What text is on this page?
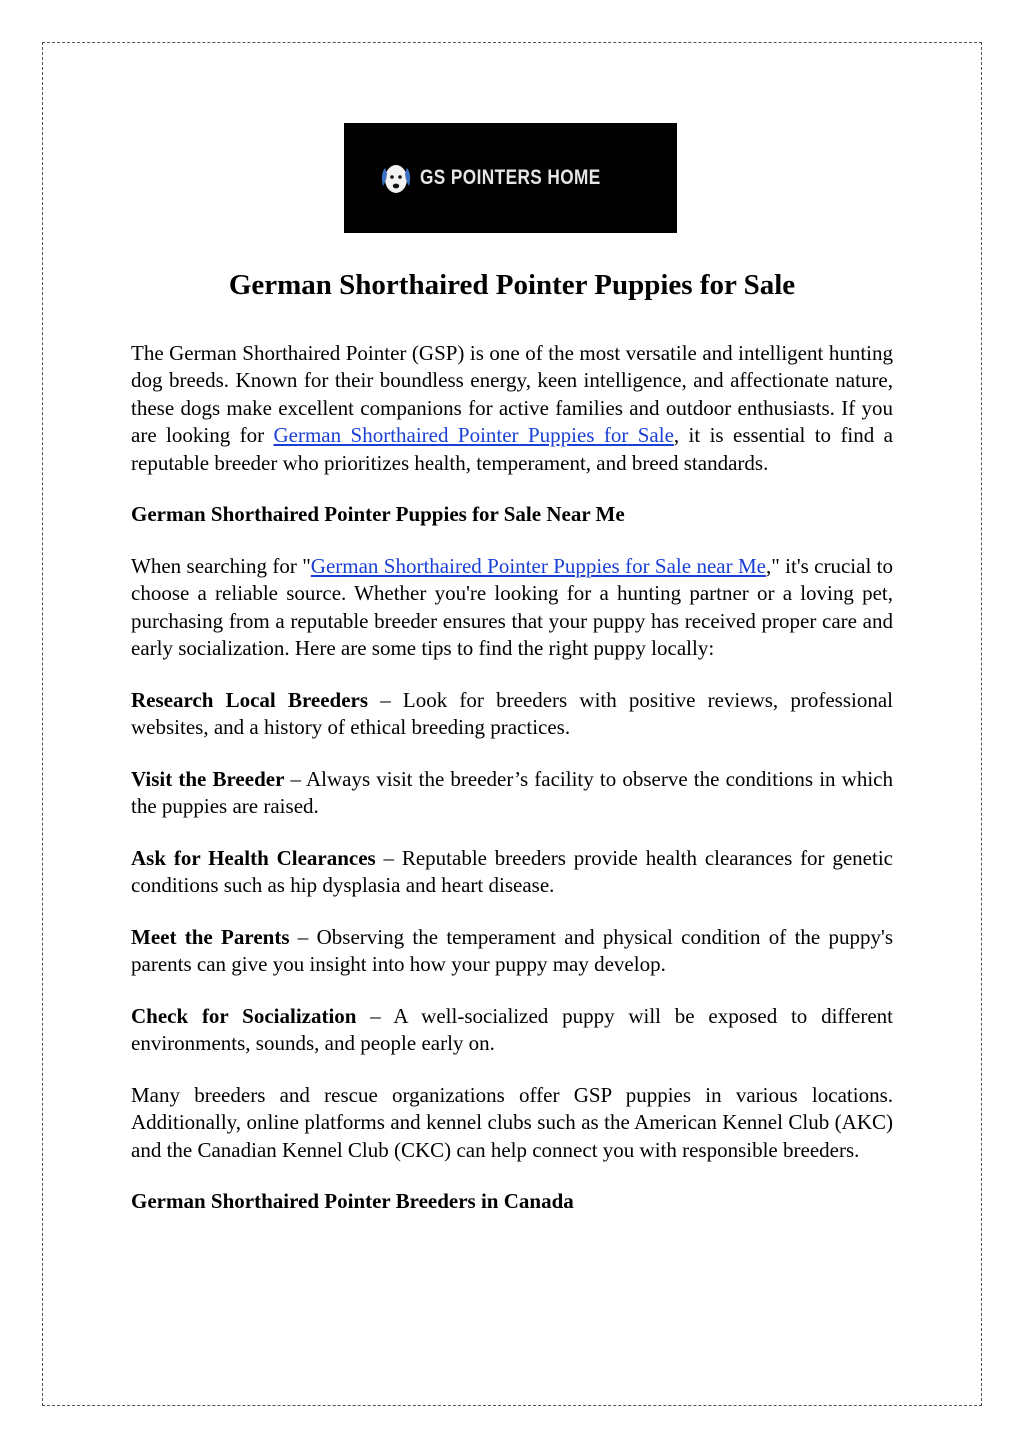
GS POINTERS HOME
German Shorthaired Pointer Puppies for Sale

The German Shorthaired Pointer (GSP) is one of the most versatile and intelligent hunting dog breeds. Known for their boundless energy, keen intelligence, and affectionate nature, these dogs make excellent companions for active families and outdoor enthusiasts. If you are looking for German Shorthaired Pointer Puppies for Sale, it is essential to find a reputable breeder who prioritizes health, temperament, and breed standards.

German Shorthaired Pointer Puppies for Sale Near Me

When searching for "German Shorthaired Pointer Puppies for Sale near Me," it's crucial to choose a reliable source. Whether you're looking for a hunting partner or a loving pet, purchasing from a reputable breeder ensures that your puppy has received proper care and early socialization. Here are some tips to find the right puppy locally:

Research Local Breeders – Look for breeders with positive reviews, professional websites, and a history of ethical breeding practices.

Visit the Breeder – Always visit the breeder’s facility to observe the conditions in which the puppies are raised.

Ask for Health Clearances – Reputable breeders provide health clearances for genetic conditions such as hip dysplasia and heart disease.

Meet the Parents – Observing the temperament and physical condition of the puppy's parents can give you insight into how your puppy may develop.

Check for Socialization – A well-socialized puppy will be exposed to different environments, sounds, and people early on.

Many breeders and rescue organizations offer GSP puppies in various locations. Additionally, online platforms and kennel clubs such as the American Kennel Club (AKC) and the Canadian Kennel Club (CKC) can help connect you with responsible breeders.

German Shorthaired Pointer Breeders in Canada
